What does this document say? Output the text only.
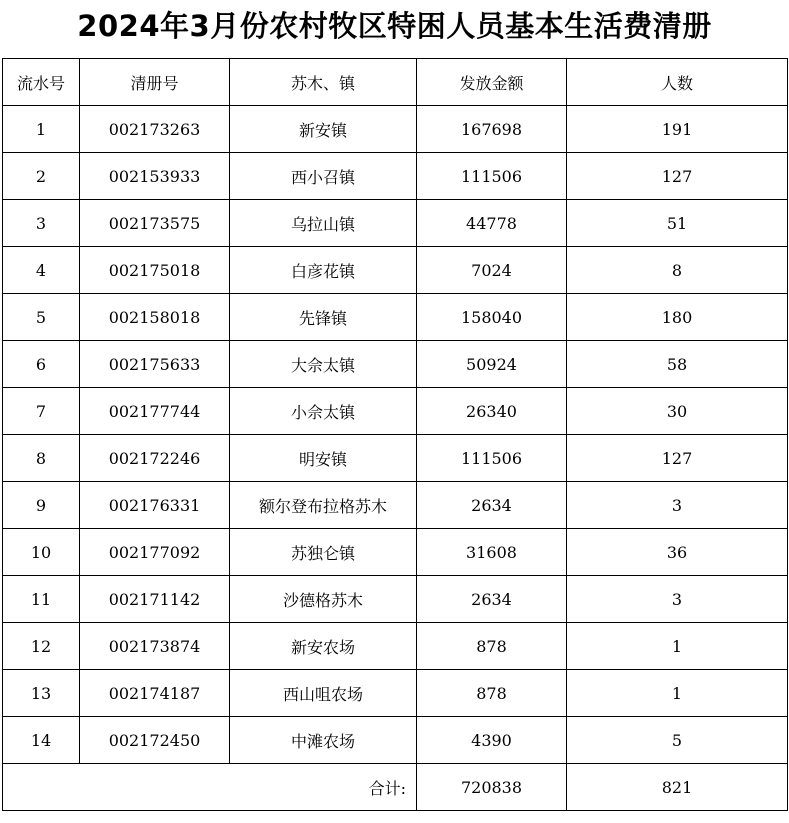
2024年3月份农村牧区特困人员基本生活费清册
流水号	清册号	苏木、镇	发放金额	人数
1	002173263	新安镇	167698	191
2	002153933	西小召镇	111506	127
3	002173575	乌拉山镇	44778	51
4	002175018	白彦花镇	7024	8
5	002158018	先锋镇	158040	180
6	002175633	大佘太镇	50924	58
7	002177744	小佘太镇	26340	30
8	002172246	明安镇	111506	127
9	002176331	额尔登布拉格苏木	2634	3
10	002177092	苏独仑镇	31608	36
11	002171142	沙德格苏木	2634	3
12	002173874	新安农场	878	1
13	002174187	西山咀农场	878	1
14	002172450	中滩农场	4390	5
合计:			720838	821
